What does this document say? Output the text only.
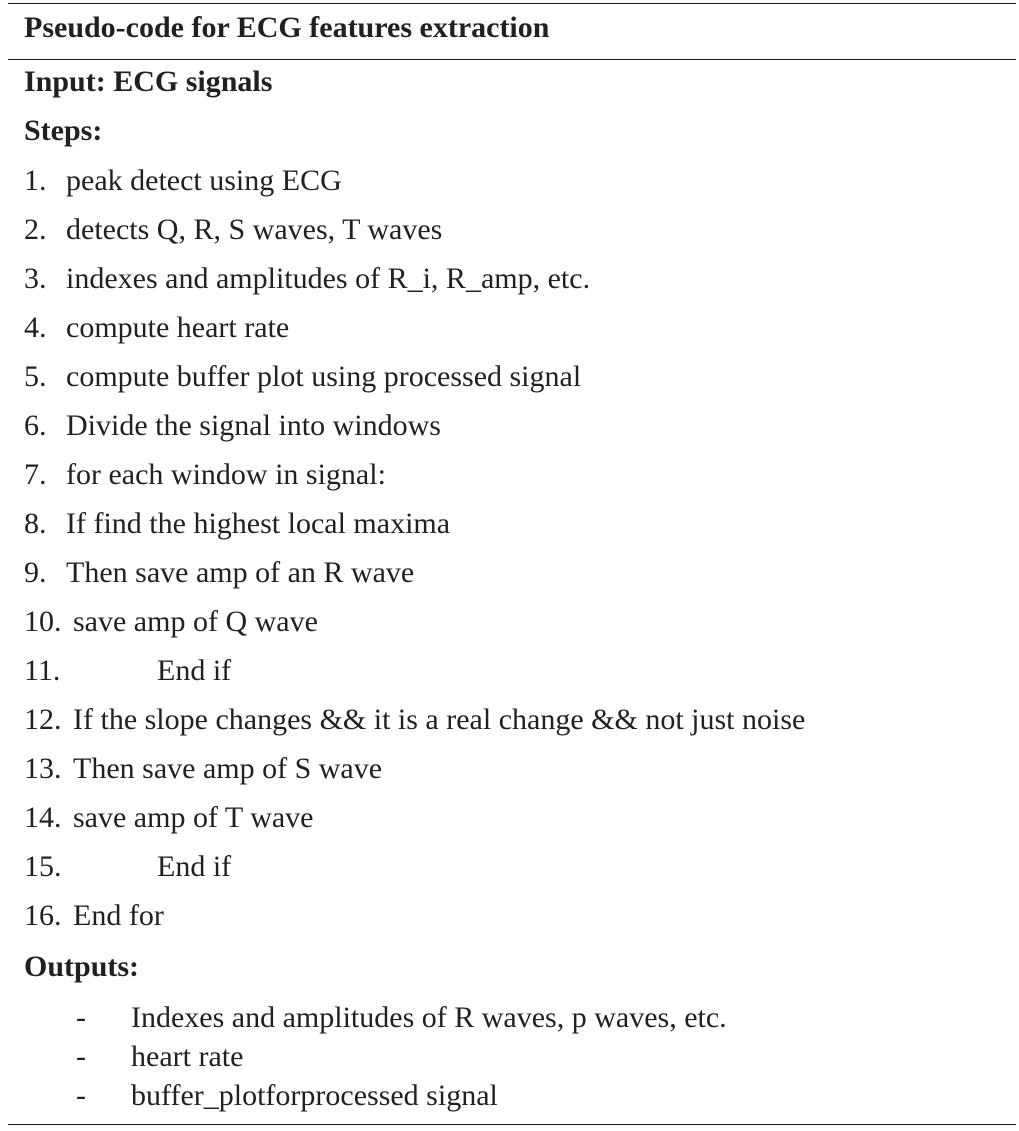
Pseudo-code for ECG features extraction
Input: ECG signals
Steps:
1. peak detect using ECG
2. detects Q, R, S waves, T waves
3. indexes and amplitudes of R_i, R_amp, etc.
4. compute heart rate
5. compute buffer plot using processed signal
6. Divide the signal into windows
7. for each window in signal:
8. If find the highest local maxima
9. Then save amp of an R wave
10. save amp of Q wave
11.	End if
12. If the slope changes && it is a real change && not just noise
13. Then save amp of S wave
14. save amp of T wave
15.	End if
16. End for
Outputs:
- Indexes and amplitudes of R waves, p waves, etc.
- heart rate
- buffer_plotforprocessed signal
